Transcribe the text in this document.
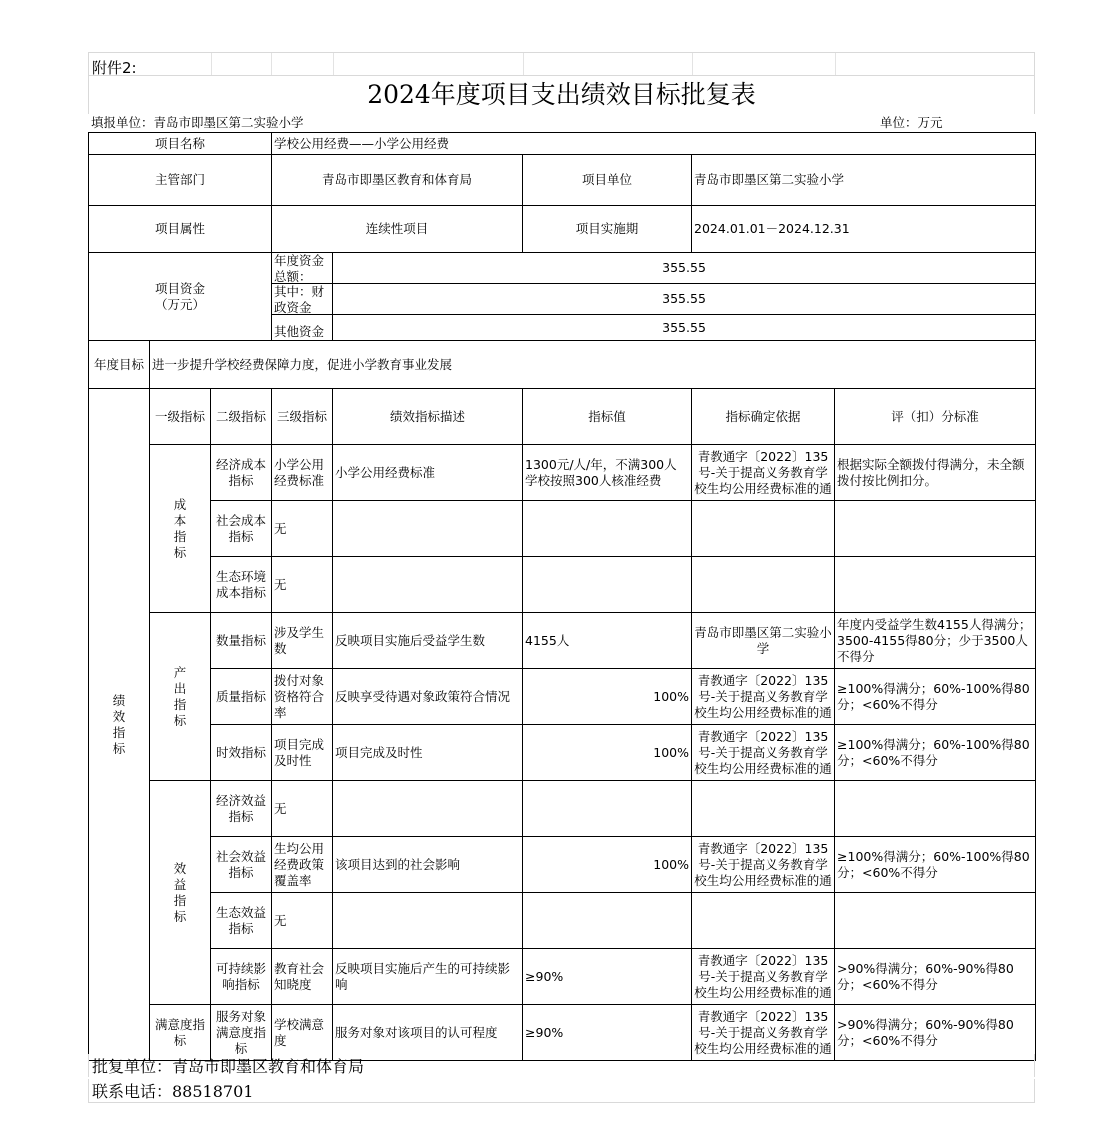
附件2:
2024年度项目支出绩效目标批复表
填报单位：青岛市即墨区第二实验小学	单位：万元
项目名称			学校公用经费——小学公用经费				
主管部门			青岛市即墨区教育和体育局		项目单位	青岛市即墨区第二实验小学	
项目属性			连续性项目		项目实施期	2024.01.01－2024.12.31	

项目资金
（万元）			年度资金总额：	355.55			

			其中：财政资金	355.55			
			其他资金	355.55			
年度目标	进一步提升学校经费保障力度，促进小学教育事业发展						

绩效指标	一级指标	二级指标	三级指标	绩效指标描述	指标值	指标确定依据	评（扣）分标准

	成本指标	经济成本指标	小学公用经费标准	小学公用经费标准	1300元/人/年，不满300人学校按照300人核准经费	青教通字〔2022〕135号-关于提高义务教育学校生均公用经费标准的通	根据实际全额拨付得满分，未全额拨付按比例扣分。
		社会成本指标	无				
		生态环境成本指标	无				

	产出指标	数量指标	涉及学生数	反映项目实施后受益学生数	4155人	青岛市即墨区第二实验小学	年度内受益学生数4155人得满分；3500-4155得80分；少于3500人不得分
		质量指标	拨付对象资格符合率	反映享受待遇对象政策符合情况	100%	青教通字〔2022〕135号-关于提高义务教育学校生均公用经费标准的通	≥100%得满分；60%-100%得80分；<60%不得分
		时效指标	项目完成及时性	项目完成及时性	100%	青教通字〔2022〕135号-关于提高义务教育学校生均公用经费标准的通	≥100%得满分；60%-100%得80分；<60%不得分

	效益指标	经济效益指标	无				
		社会效益指标	生均公用经费政策覆盖率	该项目达到的社会影响	100%	青教通字〔2022〕135号-关于提高义务教育学校生均公用经费标准的通	≥100%得满分；60%-100%得80分；<60%不得分
		生态效益指标	无				
		可持续影响指标	教育社会知晓度	反映项目实施后产生的可持续影响	≥90%	青教通字〔2022〕135号-关于提高义务教育学校生均公用经费标准的通	>90%得满分；60%-90%得80分；<60%不得分
	满意度指标	服务对象满意度指标	学校满意度	服务对象对该项目的认可程度	≥90%	青教通字〔2022〕135号-关于提高义务教育学校生均公用经费标准的通	>90%得满分；60%-90%得80分；<60%不得分
批复单位：青岛市即墨区教育和体育局
联系电话：88518701
